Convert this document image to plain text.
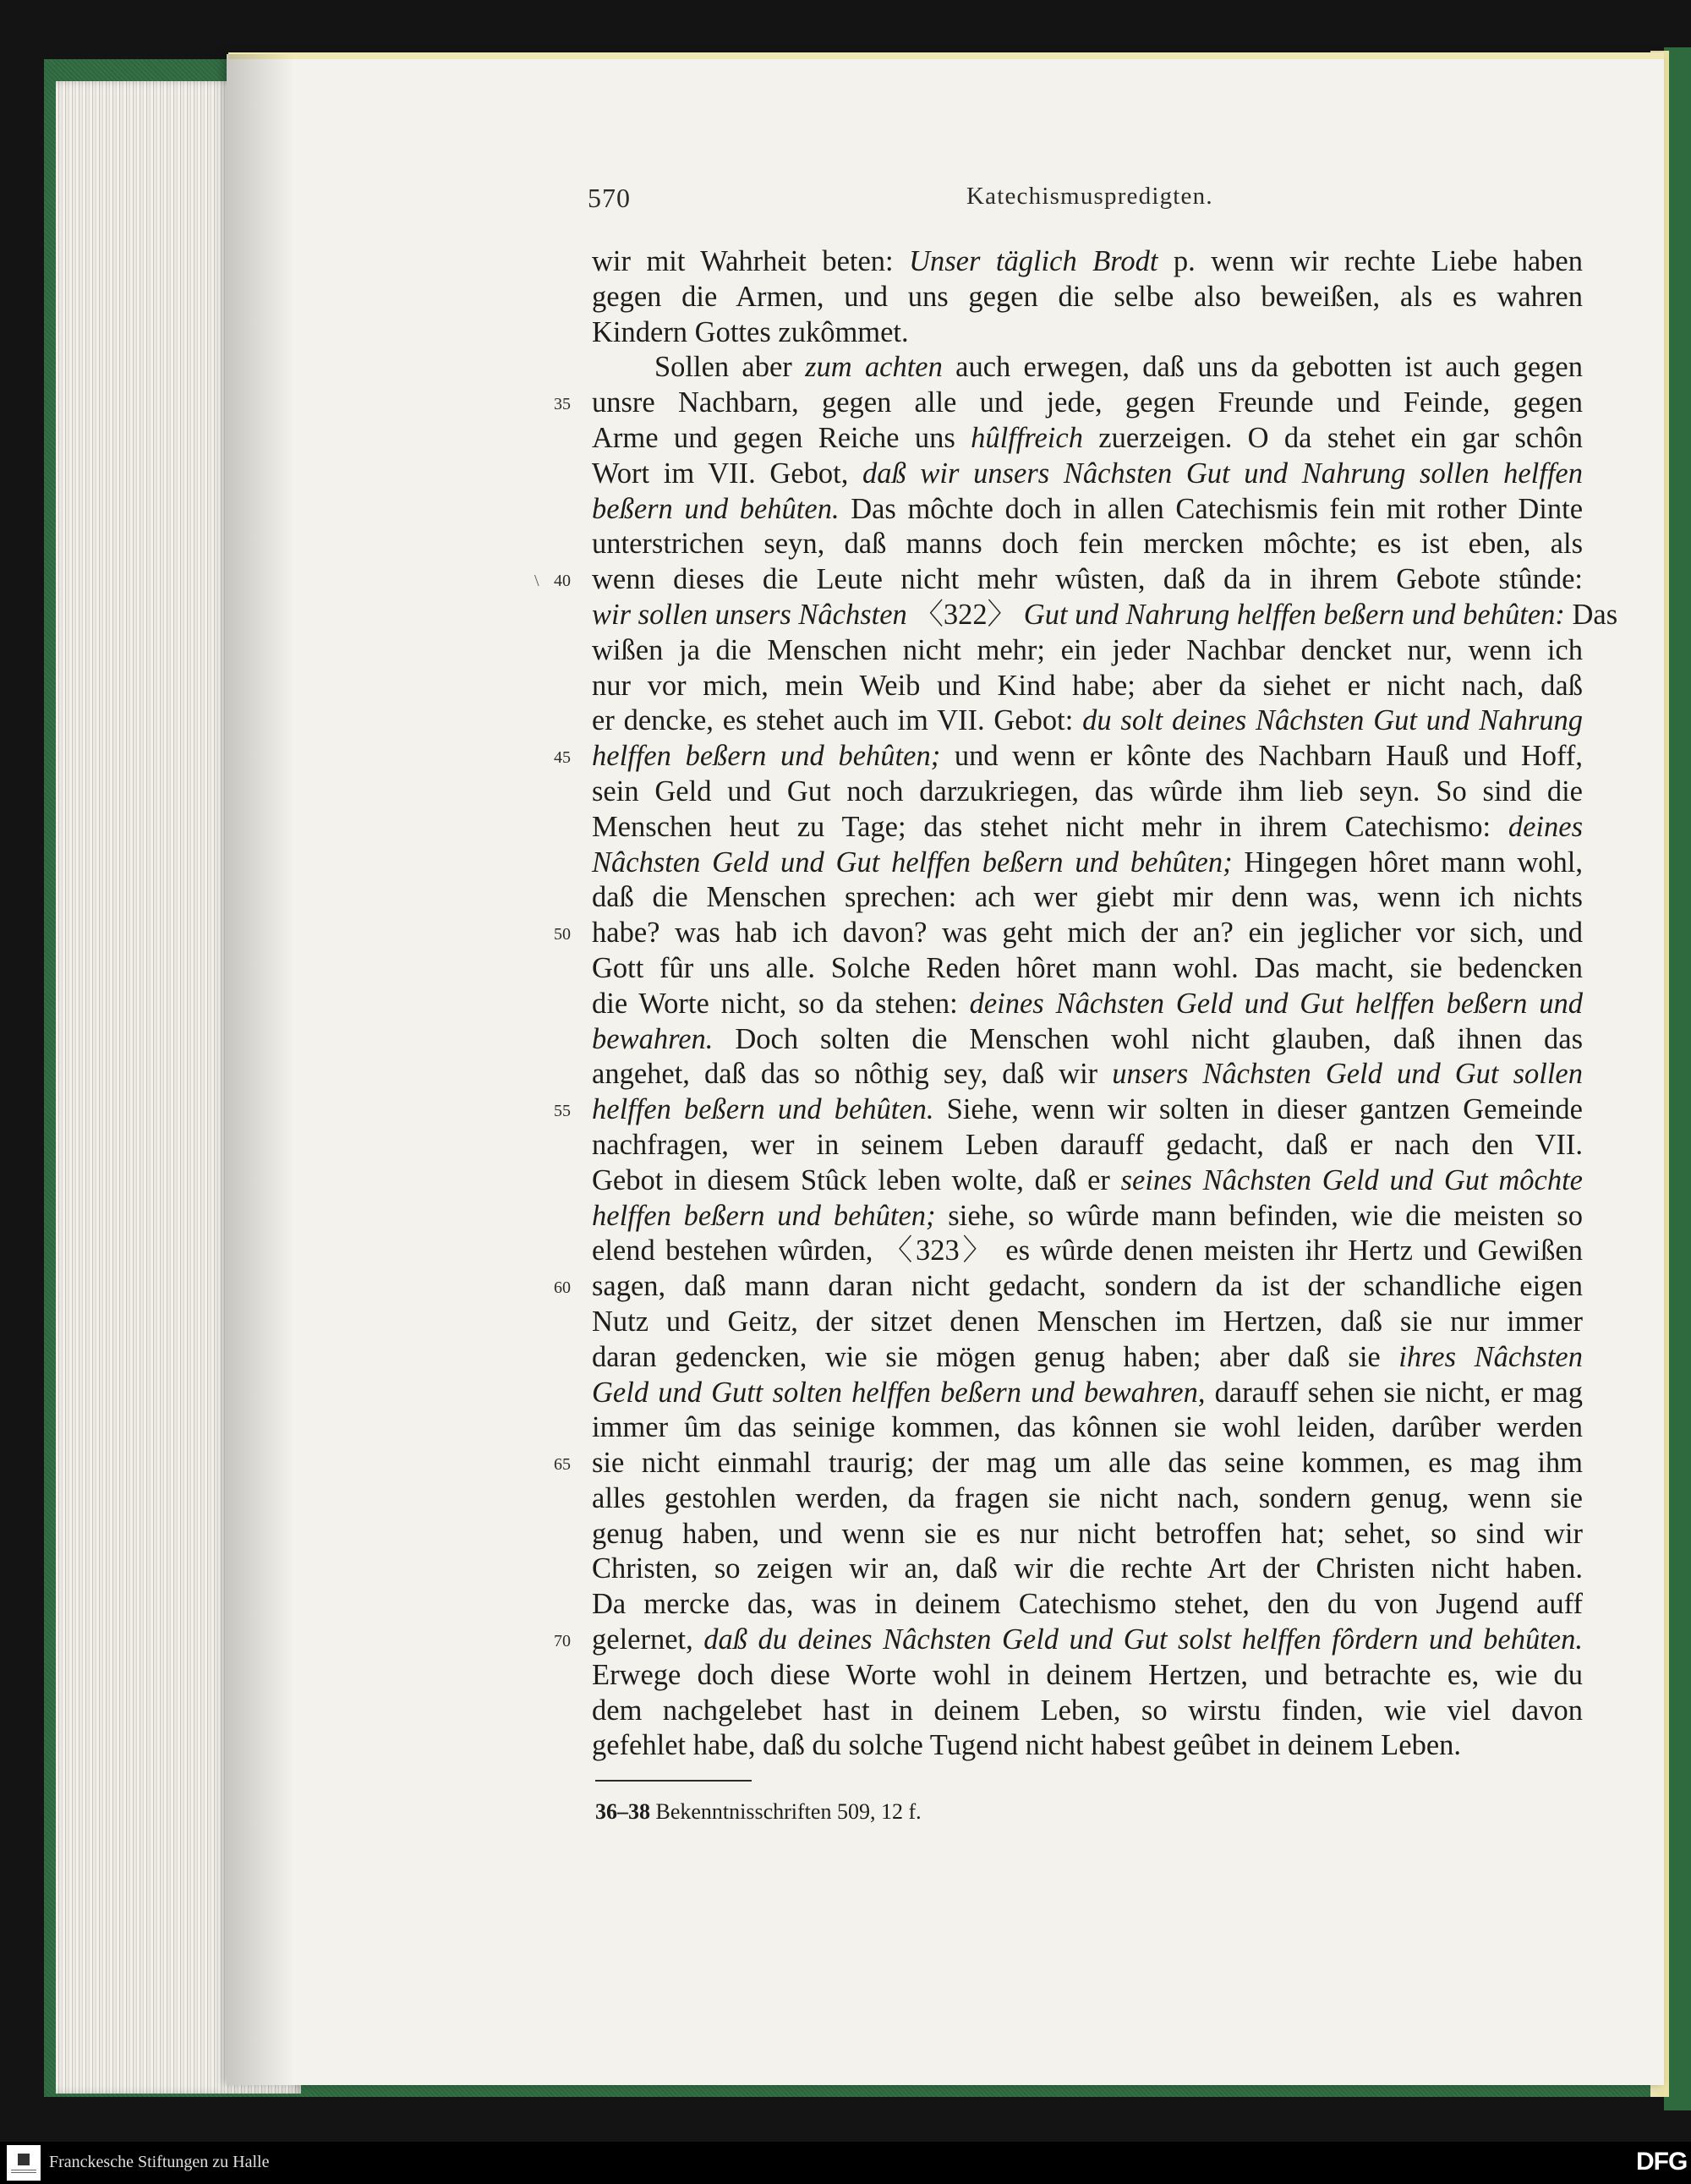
570	Katechismuspredigten.
wir mit Wahrheit beten: Unser täglich Brodt p. wenn wir rechte Liebe haben
gegen die Armen, und uns gegen die selbe also beweißen, als es wahren
Kindern Gottes zukômmet.
Sollen aber zum achten auch erwegen, daß uns da gebotten ist auch gegen
35 unsre Nachbarn, gegen alle und jede, gegen Freunde und Feinde, gegen
Arme und gegen Reiche uns hûlffreich zuerzeigen. O da stehet ein gar schôn
Wort im VII. Gebot, daß wir unsers Nâchsten Gut und Nahrung sollen helffen
beßern und behûten. Das môchte doch in allen Catechismis fein mit rother Dinte
unterstrichen seyn, daß manns doch fein mercken môchte; es ist eben, als
40
\ wenn dieses die Leute nicht mehr wûsten, daß da in ihrem Gebote stûnde:
wir sollen unsers Nâchsten 〈322〉 Gut und Nahrung helffen beßern und behûten: Das
wißen ja die Menschen nicht mehr; ein jeder Nachbar dencket nur, wenn ich
nur vor mich, mein Weib und Kind habe; aber da siehet er nicht nach, daß
er dencke, es stehet auch im VII. Gebot: du solt deines Nâchsten Gut und Nahrung
45 helffen beßern und behûten; und wenn er kônte des Nachbarn Hauß und Hoff,
sein Geld und Gut noch darzukriegen, das wûrde ihm lieb seyn. So sind die
Menschen heut zu Tage; das stehet nicht mehr in ihrem Catechismo: deines
Nâchsten Geld und Gut helffen beßern und behûten; Hingegen hôret mann wohl,
daß die Menschen sprechen: ach wer giebt mir denn was, wenn ich nichts
50 habe? was hab ich davon? was geht mich der an? ein jeglicher vor sich, und
Gott fûr uns alle. Solche Reden hôret mann wohl. Das macht, sie bedencken
die Worte nicht, so da stehen: deines Nâchsten Geld und Gut helffen beßern und
bewahren. Doch solten die Menschen wohl nicht glauben, daß ihnen das
angehet, daß das so nôthig sey, daß wir unsers Nâchsten Geld und Gut sollen
55 helffen beßern und behûten. Siehe, wenn wir solten in dieser gantzen Gemeinde
nachfragen, wer in seinem Leben darauff gedacht, daß er nach den VII.
Gebot in diesem Stûck leben wolte, daß er seines Nâchsten Geld und Gut môchte
helffen beßern und behûten; siehe, so wûrde mann befinden, wie die meisten so
elend bestehen wûrden, 〈323〉 es wûrde denen meisten ihr Hertz und Gewißen
60 sagen, daß mann daran nicht gedacht, sondern da ist der schandliche eigen
Nutz und Geitz, der sitzet denen Menschen im Hertzen, daß sie nur immer
daran gedencken, wie sie mögen genug haben; aber daß sie ihres Nâchsten
Geld und Gutt solten helffen beßern und bewahren, darauff sehen sie nicht, er mag
immer ûm das seinige kommen, das kônnen sie wohl leiden, darûber werden
65 sie nicht einmahl traurig; der mag um alle das seine kommen, es mag ihm
alles gestohlen werden, da fragen sie nicht nach, sondern genug, wenn sie
genug haben, und wenn sie es nur nicht betroffen hat; sehet, so sind wir
Christen, so zeigen wir an, daß wir die rechte Art der Christen nicht haben.
Da mercke das, was in deinem Catechismo stehet, den du von Jugend auff
70 gelernet, daß du deines Nâchsten Geld und Gut solst helffen fôrdern und behûten.
Erwege doch diese Worte wohl in deinem Hertzen, und betrachte es, wie du
dem nachgelebet hast in deinem Leben, so wirstu finden, wie viel davon
gefehlet habe, daß du solche Tugend nicht habest geûbet in deinem Leben.
36–38 Bekenntnisschriften 509, 12 f.
Franckesche Stiftungen zu Halle	DFG
